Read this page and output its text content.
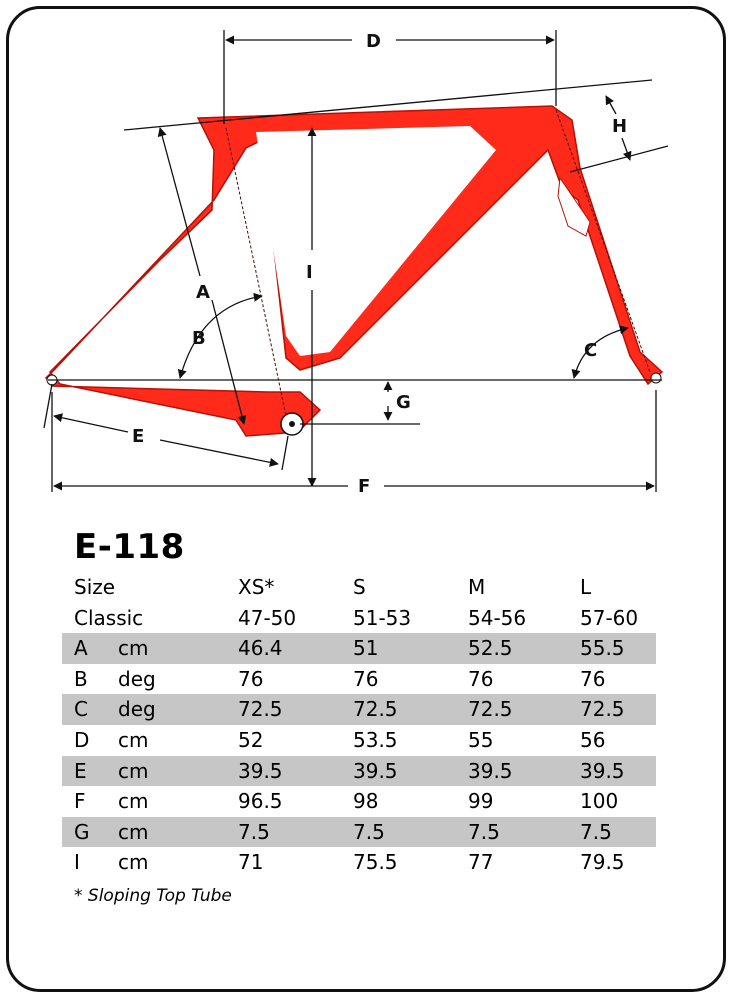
D
H
I
A
B
C
G
E
F
E-118
Size		XS*	S	M	L
Classic		47-50	51-53	54-56	57-60
A	cm	46.4	51	52.5	55.5
B	deg	76	76	76	76
C	deg	72.5	72.5	72.5	72.5
D	cm	52	53.5	55	56
E	cm	39.5	39.5	39.5	39.5
F	cm	96.5	98	99	100
G	cm	7.5	7.5	7.5	7.5
I	cm	71	75.5	77	79.5
* Sloping Top Tube
